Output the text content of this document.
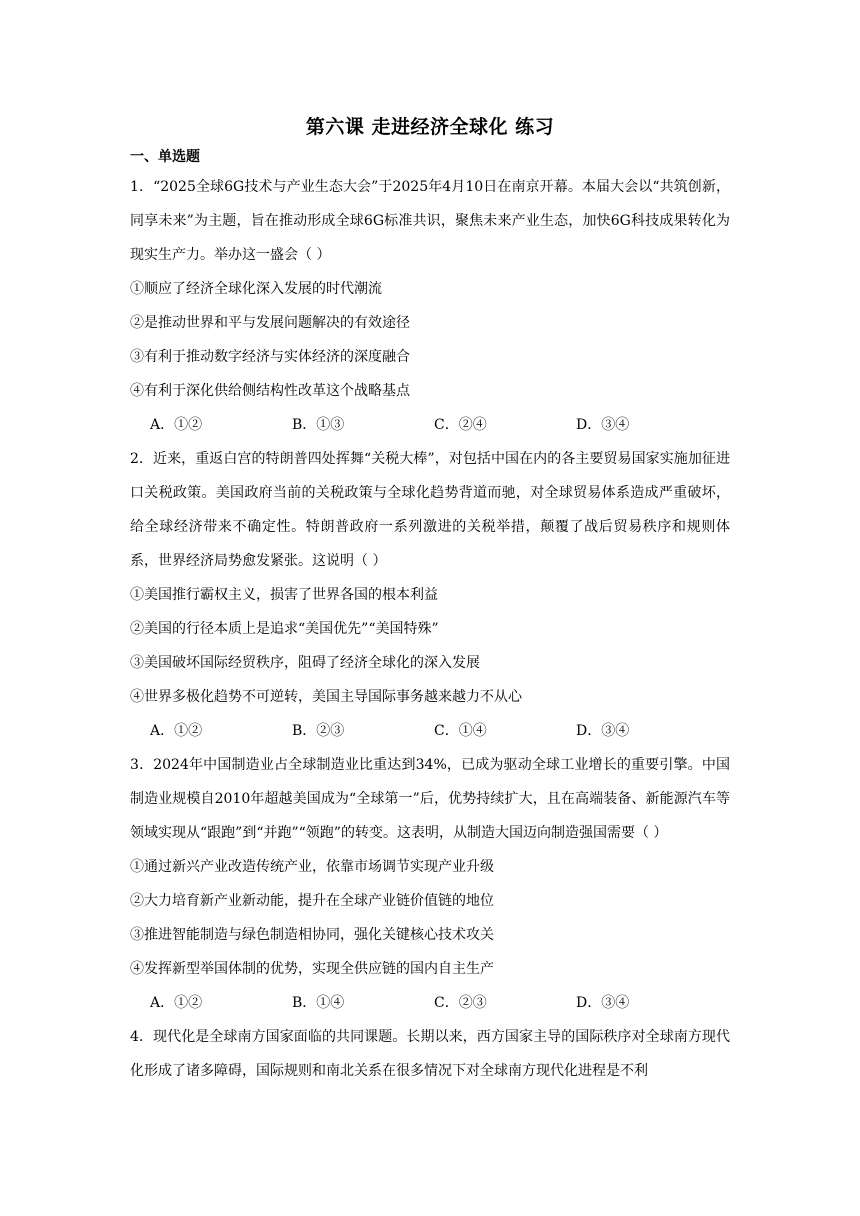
第六课 走进经济全球化 练习
一、单选题
1．“2025全球6G技术与产业生态大会”于2025年4月10日在南京开幕。本届大会以“共筑创新，同享未来”为主题，旨在推动形成全球6G标准共识，聚焦未来产业生态，加快6G科技成果转化为现实生产力。举办这一盛会（ ）
①顺应了经济全球化深入发展的时代潮流
②是推动世界和平与发展问题解决的有效途径
③有利于推动数字经济与实体经济的深度融合
④有利于深化供给侧结构性改革这个战略基点
A．①②	B．①③	C．②④	D．③④
2．近来，重返白宫的特朗普四处挥舞“关税大棒”，对包括中国在内的各主要贸易国家实施加征进口关税政策。美国政府当前的关税政策与全球化趋势背道而驰，对全球贸易体系造成严重破坏，给全球经济带来不确定性。特朗普政府一系列激进的关税举措，颠覆了战后贸易秩序和规则体系，世界经济局势愈发紧张。这说明（ ）
①美国推行霸权主义，损害了世界各国的根本利益
②美国的行径本质上是追求“美国优先”“美国特殊”
③美国破坏国际经贸秩序，阻碍了经济全球化的深入发展
④世界多极化趋势不可逆转，美国主导国际事务越来越力不从心
A．①②	B．②③	C．①④	D．③④
3．2024年中国制造业占全球制造业比重达到34%，已成为驱动全球工业增长的重要引擎。中国制造业规模自2010年超越美国成为“全球第一”后，优势持续扩大，且在高端装备、新能源汽车等领域实现从“跟跑”到“并跑”“领跑”的转变。这表明，从制造大国迈向制造强国需要（ ）
①通过新兴产业改造传统产业，依靠市场调节实现产业升级
②大力培育新产业新动能，提升在全球产业链价值链的地位
③推进智能制造与绿色制造相协同，强化关键核心技术攻关
④发挥新型举国体制的优势，实现全供应链的国内自主生产
A．①②	B．①④	C．②③	D．③④
4．现代化是全球南方国家面临的共同课题。长期以来，西方国家主导的国际秩序对全球南方现代化形成了诸多障碍，国际规则和南北关系在很多情况下对全球南方现代化进程是不利
